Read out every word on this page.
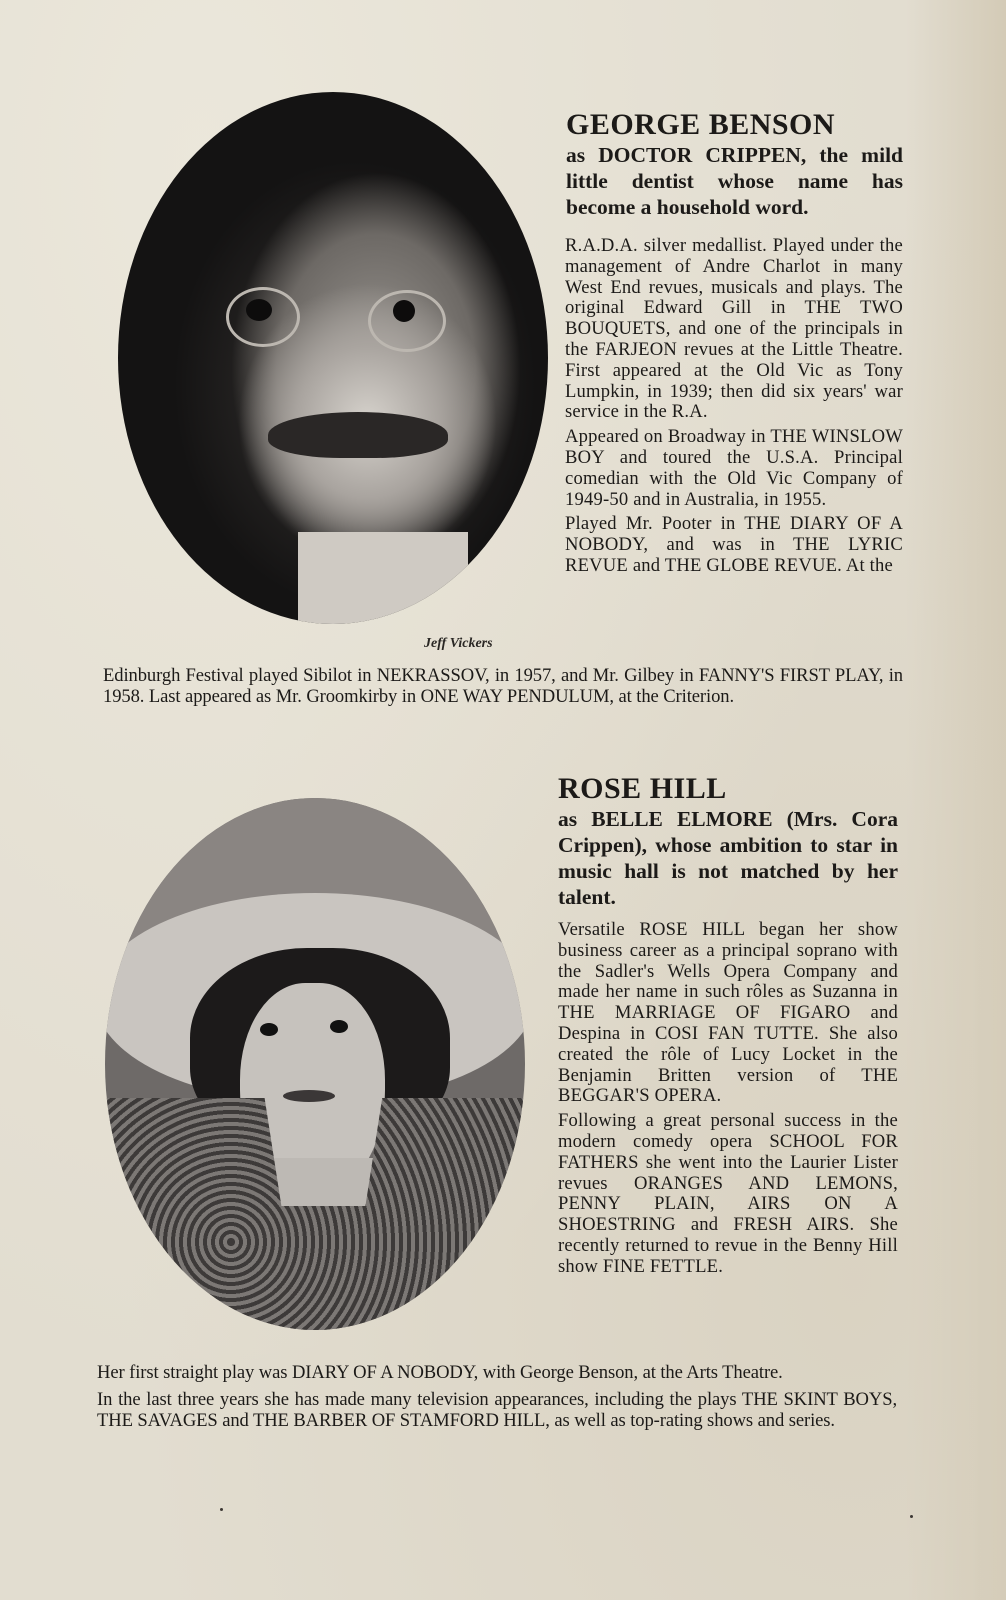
GEORGE BENSON

as DOCTOR CRIPPEN, the mild little dentist whose name has become a household word.

R.A.D.A. silver medallist. Played under the management of Andre Charlot in many West End revues, musicals and plays. The original Edward Gill in THE TWO BOUQUETS, and one of the principals in the FARJEON revues at the Little Theatre. First appeared at the Old Vic as Tony Lumpkin, in 1939; then did six years' war service in the R.A.

Appeared on Broadway in THE WINSLOW BOY and toured the U.S.A. Principal comedian with the Old Vic Company of 1949-50 and in Australia, in 1955.

Played Mr. Pooter in THE DIARY OF A NOBODY, and was in THE LYRIC REVUE and THE GLOBE REVUE. At the

Jeff Vickers

Edinburgh Festival played Sibilot in NEKRASSOV, in 1957, and Mr. Gilbey in FANNY'S FIRST PLAY, in 1958. Last appeared as Mr. Groomkirby in ONE WAY PENDULUM, at the Criterion.

ROSE HILL

as BELLE ELMORE (Mrs. Cora Crippen), whose ambition to star in music hall is not matched by her talent.

Versatile ROSE HILL began her show business career as a principal soprano with the Sadler's Wells Opera Company and made her name in such rôles as Suzanna in THE MARRIAGE OF FIGARO and Despina in COSI FAN TUTTE. She also created the rôle of Lucy Locket in the Benjamin Britten version of THE BEGGAR'S OPERA.

Following a great personal success in the modern comedy opera SCHOOL FOR FATHERS she went into the Laurier Lister revues ORANGES AND LEMONS, PENNY PLAIN, AIRS ON A SHOESTRING and FRESH AIRS. She recently returned to revue in the Benny Hill show FINE FETTLE.

Her first straight play was DIARY OF A NOBODY, with George Benson, at the Arts Theatre.

In the last three years she has made many television appearances, including the plays THE SKINT BOYS, THE SAVAGES and THE BARBER OF STAMFORD HILL, as well as top-rating shows and series.
